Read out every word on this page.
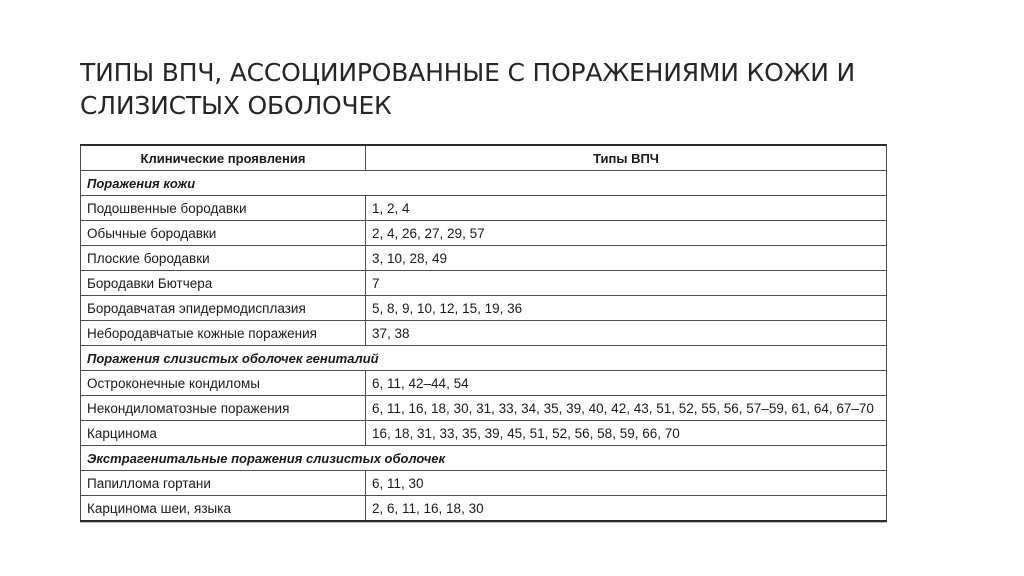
ТИПЫ ВПЧ, АССОЦИИРОВАННЫЕ С ПОРАЖЕНИЯМИ КОЖИ И СЛИЗИСТЫХ ОБОЛОЧЕК
Клинические проявления	Типы ВПЧ
Поражения кожи	
Подошвенные бородавки	1, 2, 4
Обычные бородавки	2, 4, 26, 27, 29, 57
Плоские бородавки	3, 10, 28, 49
Бородавки Бютчера	7
Бородавчатая эпидермодисплазия	5, 8, 9, 10, 12, 15, 19, 36
Небородавчатые кожные поражения	37, 38
Поражения слизистых оболочек гениталий	
Остроконечные кондиломы	6, 11, 42–44, 54
Некондиломатозные поражения	6, 11, 16, 18, 30, 31, 33, 34, 35, 39, 40, 42, 43, 51, 52, 55, 56, 57–59, 61, 64, 67–70
Карцинома	16, 18, 31, 33, 35, 39, 45, 51, 52, 56, 58, 59, 66, 70
Экстрагенитальные поражения слизистых оболочек	
Папиллома гортани	6, 11, 30
Карцинома шеи, языка	2, 6, 11, 16, 18, 30
